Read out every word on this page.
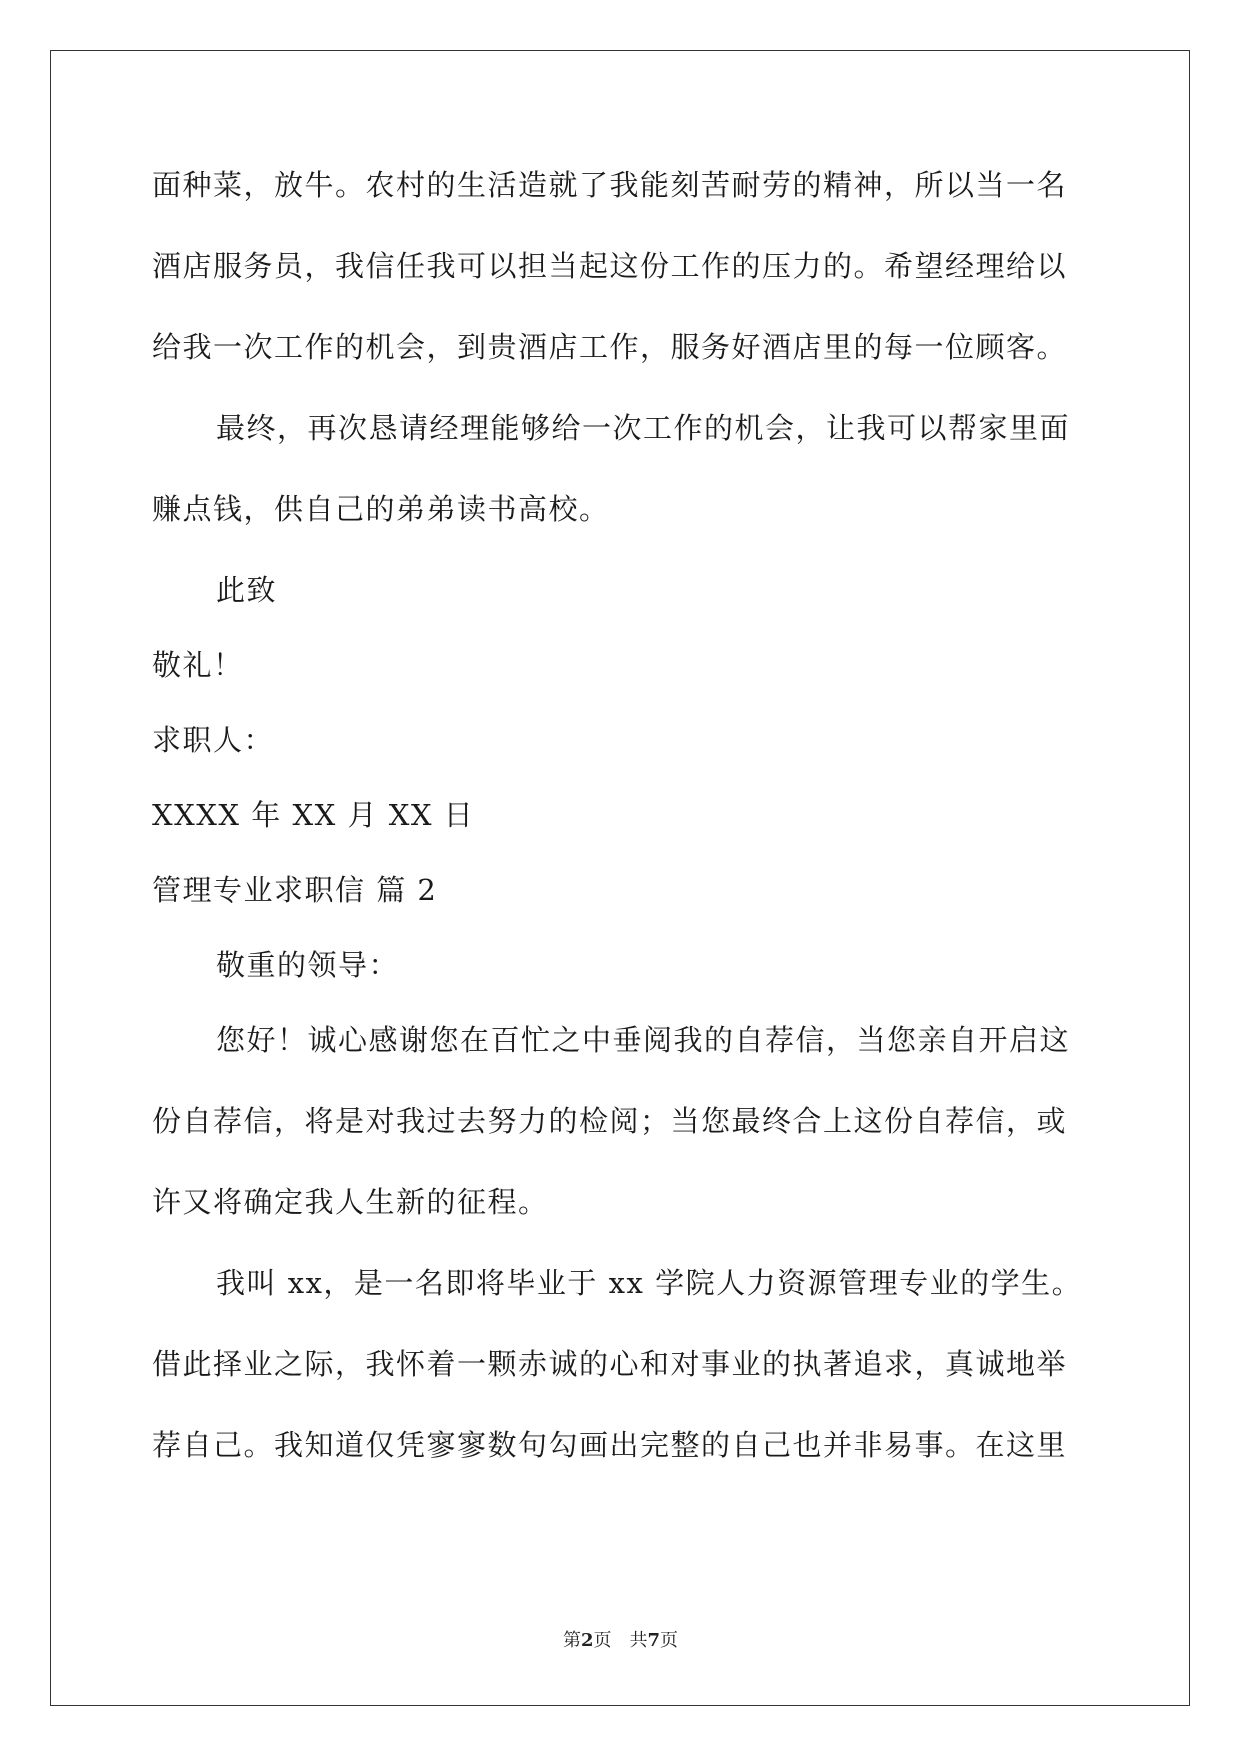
面种菜，放牛。农村的生活造就了我能刻苦耐劳的精神，所以当一名
酒店服务员，我信任我可以担当起这份工作的压力的。希望经理给以
给我一次工作的机会，到贵酒店工作，服务好酒店里的每一位顾客。
最终，再次恳请经理能够给一次工作的机会，让我可以帮家里面
赚点钱，供自己的弟弟读书高校。
此致
敬礼！
求职人：
XXXX 年 XX 月 XX 日
管理专业求职信 篇 2
敬重的领导：
您好！诚心感谢您在百忙之中垂阅我的自荐信，当您亲自开启这
份自荐信，将是对我过去努力的检阅；当您最终合上这份自荐信，或
许又将确定我人生新的征程。
我叫 xx，是一名即将毕业于 xx 学院人力资源管理专业的学生。
借此择业之际，我怀着一颗赤诚的心和对事业的执著追求，真诚地举
荐自己。我知道仅凭寥寥数句勾画出完整的自己也并非易事。在这里
第2页 共7页
